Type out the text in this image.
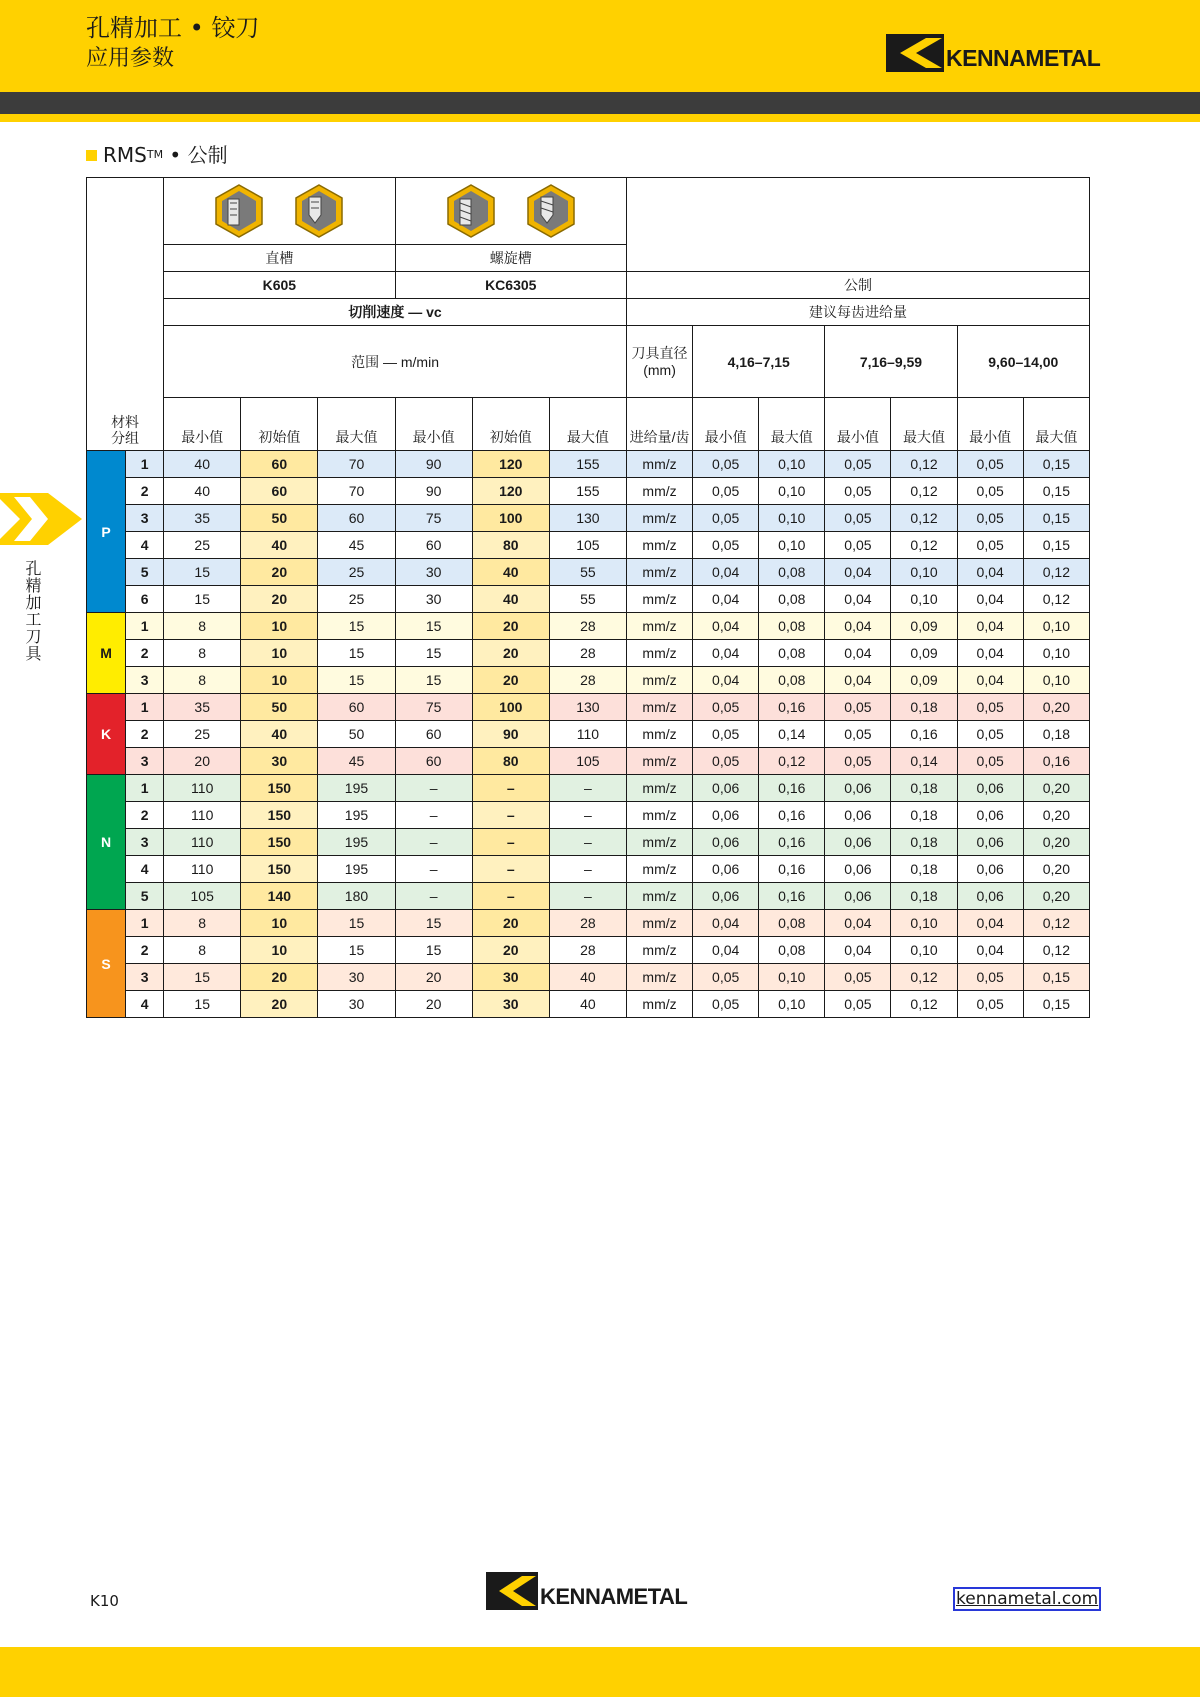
孔精加工 • 铰刀
应用参数	KENNAMETAL
RMS TM • 公制
孔精加工刀具
材料 分组			
		直槽			螺旋槽									
		K605			KC6305			公制						
		切削速度 — vc						建议每齿进给量						
		范围 — m/min						刀具直径 (mm)	4,16–7,15		7,16–9,59		9,60–14,00	
		最小值	初始值	最大值	最小值	初始值	最大值	进给量/齿	最小值	最大值	最小值	最大值	最小值	最大值
P	1	40	60	70	90	120	155	mm/z	0,05	0,10	0,05	0,12	0,05	0,15
	2	40	60	70	90	120	155	mm/z	0,05	0,10	0,05	0,12	0,05	0,15
	3	35	50	60	75	100	130	mm/z	0,05	0,10	0,05	0,12	0,05	0,15
	4	25	40	45	60	80	105	mm/z	0,05	0,10	0,05	0,12	0,05	0,15
	5	15	20	25	30	40	55	mm/z	0,04	0,08	0,04	0,10	0,04	0,12
	6	15	20	25	30	40	55	mm/z	0,04	0,08	0,04	0,10	0,04	0,12
M	1	8	10	15	15	20	28	mm/z	0,04	0,08	0,04	0,09	0,04	0,10
	2	8	10	15	15	20	28	mm/z	0,04	0,08	0,04	0,09	0,04	0,10
	3	8	10	15	15	20	28	mm/z	0,04	0,08	0,04	0,09	0,04	0,10
K	1	35	50	60	75	100	130	mm/z	0,05	0,16	0,05	0,18	0,05	0,20
	2	25	40	50	60	90	110	mm/z	0,05	0,14	0,05	0,16	0,05	0,18
	3	20	30	45	60	80	105	mm/z	0,05	0,12	0,05	0,14	0,05	0,16
N	1	110	150	195	–	–	–	mm/z	0,06	0,16	0,06	0,18	0,06	0,20
	2	110	150	195	–	–	–	mm/z	0,06	0,16	0,06	0,18	0,06	0,20
	3	110	150	195	–	–	–	mm/z	0,06	0,16	0,06	0,18	0,06	0,20
	4	110	150	195	–	–	–	mm/z	0,06	0,16	0,06	0,18	0,06	0,20
	5	105	140	180	–	–	–	mm/z	0,06	0,16	0,06	0,18	0,06	0,20
S	1	8	10	15	15	20	28	mm/z	0,04	0,08	0,04	0,10	0,04	0,12
	2	8	10	15	15	20	28	mm/z	0,04	0,08	0,04	0,10	0,04	0,12
	3	15	20	30	20	30	40	mm/z	0,05	0,10	0,05	0,12	0,05	0,15
	4	15	20	30	20	30	40	mm/z	0,05	0,10	0,05	0,12	0,05	0,15
K10	KENNAMETAL	kennametal.com
